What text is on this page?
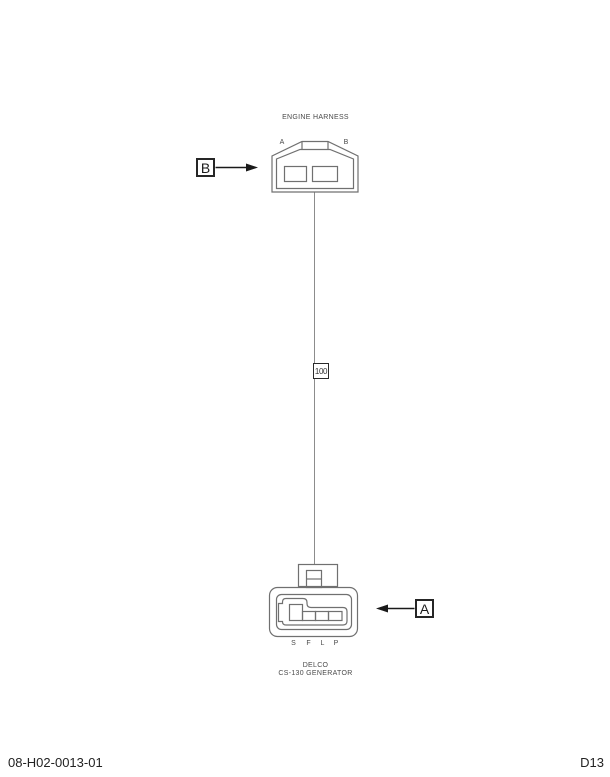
ENGINE HARNESS
A	B
B
100
A
S	F	L	P
DELCO
CS-130 GENERATOR
08-H02-0013-01	D13
